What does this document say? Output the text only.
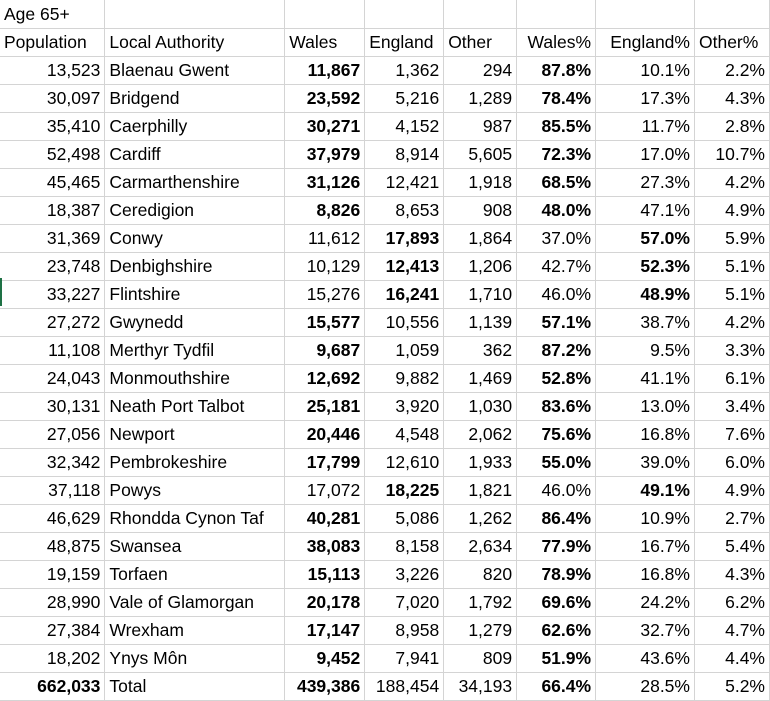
Age 65+							
Population	Local Authority	Wales	England	Other	Wales%	England%	Other%
13,523	Blaenau Gwent	11,867	1,362	294	87.8%	10.1%	2.2%
30,097	Bridgend	23,592	5,216	1,289	78.4%	17.3%	4.3%
35,410	Caerphilly	30,271	4,152	987	85.5%	11.7%	2.8%
52,498	Cardiff	37,979	8,914	5,605	72.3%	17.0%	10.7%
45,465	Carmarthenshire	31,126	12,421	1,918	68.5%	27.3%	4.2%
18,387	Ceredigion	8,826	8,653	908	48.0%	47.1%	4.9%
31,369	Conwy	11,612	17,893	1,864	37.0%	57.0%	5.9%
23,748	Denbighshire	10,129	12,413	1,206	42.7%	52.3%	5.1%
33,227	Flintshire	15,276	16,241	1,710	46.0%	48.9%	5.1%
27,272	Gwynedd	15,577	10,556	1,139	57.1%	38.7%	4.2%
11,108	Merthyr Tydfil	9,687	1,059	362	87.2%	9.5%	3.3%
24,043	Monmouthshire	12,692	9,882	1,469	52.8%	41.1%	6.1%
30,131	Neath Port Talbot	25,181	3,920	1,030	83.6%	13.0%	3.4%
27,056	Newport	20,446	4,548	2,062	75.6%	16.8%	7.6%
32,342	Pembrokeshire	17,799	12,610	1,933	55.0%	39.0%	6.0%
37,118	Powys	17,072	18,225	1,821	46.0%	49.1%	4.9%
46,629	Rhondda Cynon Taf	40,281	5,086	1,262	86.4%	10.9%	2.7%
48,875	Swansea	38,083	8,158	2,634	77.9%	16.7%	5.4%
19,159	Torfaen	15,113	3,226	820	78.9%	16.8%	4.3%
28,990	Vale of Glamorgan	20,178	7,020	1,792	69.6%	24.2%	6.2%
27,384	Wrexham	17,147	8,958	1,279	62.6%	32.7%	4.7%
18,202	Ynys Môn	9,452	7,941	809	51.9%	43.6%	4.4%
662,033	Total	439,386	188,454	34,193	66.4%	28.5%	5.2%
